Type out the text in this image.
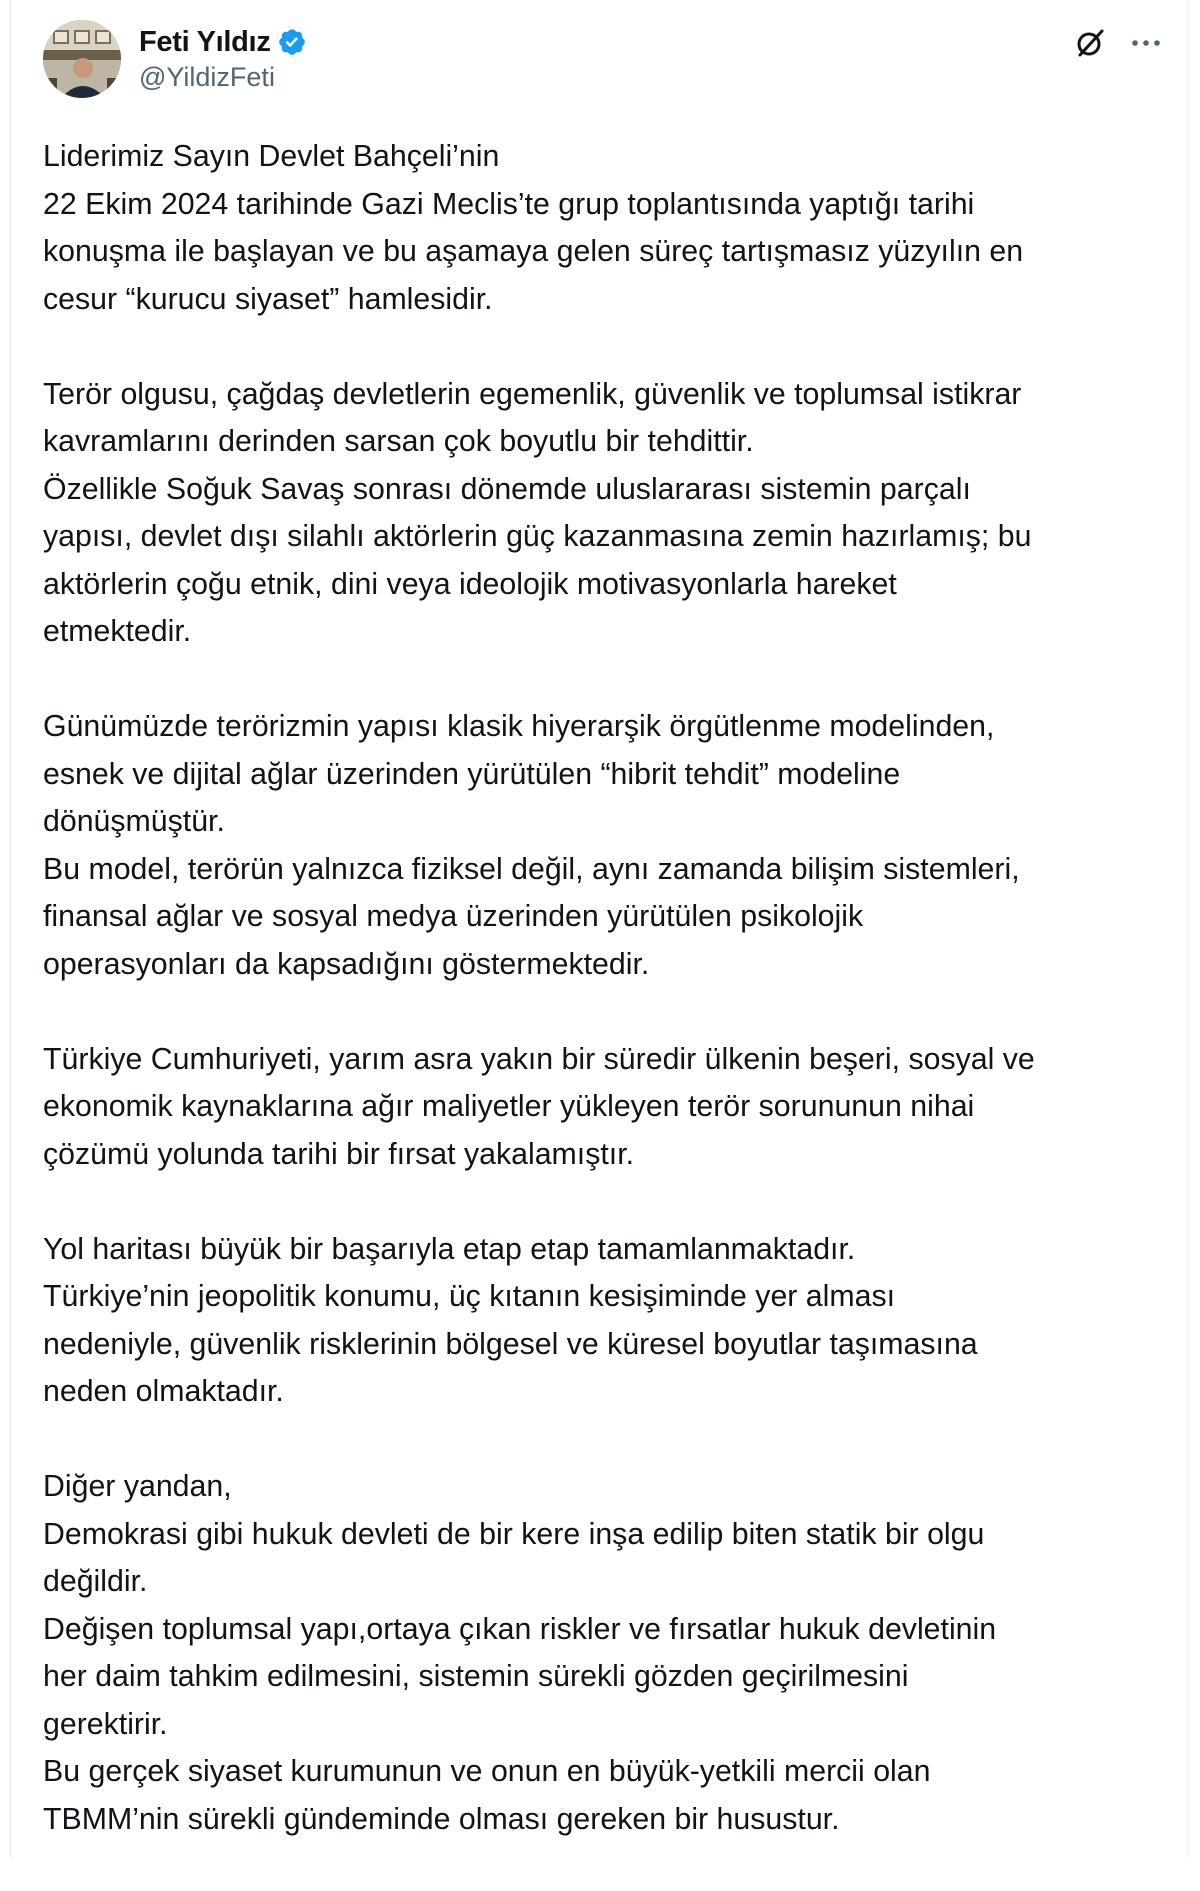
Feti Yıldız
@YildizFeti
Liderimiz Sayın Devlet Bahçeli’nin
22 Ekim 2024 tarihinde Gazi Meclis’te grup toplantısında yaptığı tarihi
konuşma ile başlayan ve bu aşamaya gelen süreç tartışmasız yüzyılın en
cesur “kurucu siyaset” hamlesidir.
Terör olgusu, çağdaş devletlerin egemenlik, güvenlik ve toplumsal istikrar
kavramlarını derinden sarsan çok boyutlu bir tehdittir.
Özellikle Soğuk Savaş sonrası dönemde uluslararası sistemin parçalı
yapısı, devlet dışı silahlı aktörlerin güç kazanmasına zemin hazırlamış; bu
aktörlerin çoğu etnik, dini veya ideolojik motivasyonlarla hareket
etmektedir.
Günümüzde terörizmin yapısı klasik hiyerarşik örgütlenme modelinden,
esnek ve dijital ağlar üzerinden yürütülen “hibrit tehdit” modeline
dönüşmüştür.
Bu model, terörün yalnızca fiziksel değil, aynı zamanda bilişim sistemleri,
finansal ağlar ve sosyal medya üzerinden yürütülen psikolojik
operasyonları da kapsadığını göstermektedir.
Türkiye Cumhuriyeti, yarım asra yakın bir süredir ülkenin beşeri, sosyal ve
ekonomik kaynaklarına ağır maliyetler yükleyen terör sorununun nihai
çözümü yolunda tarihi bir fırsat yakalamıştır.
Yol haritası büyük bir başarıyla etap etap tamamlanmaktadır.
Türkiye’nin jeopolitik konumu, üç kıtanın kesişiminde yer alması
nedeniyle, güvenlik risklerinin bölgesel ve küresel boyutlar taşımasına
neden olmaktadır.
Diğer yandan,
Demokrasi gibi hukuk devleti de bir kere inşa edilip biten statik bir olgu
değildir.
Değişen toplumsal yapı,ortaya çıkan riskler ve fırsatlar hukuk devletinin
her daim tahkim edilmesini, sistemin sürekli gözden geçirilmesini
gerektirir.
Bu gerçek siyaset kurumunun ve onun en büyük-yetkili mercii olan
TBMM’nin sürekli gündeminde olması gereken bir husustur.
